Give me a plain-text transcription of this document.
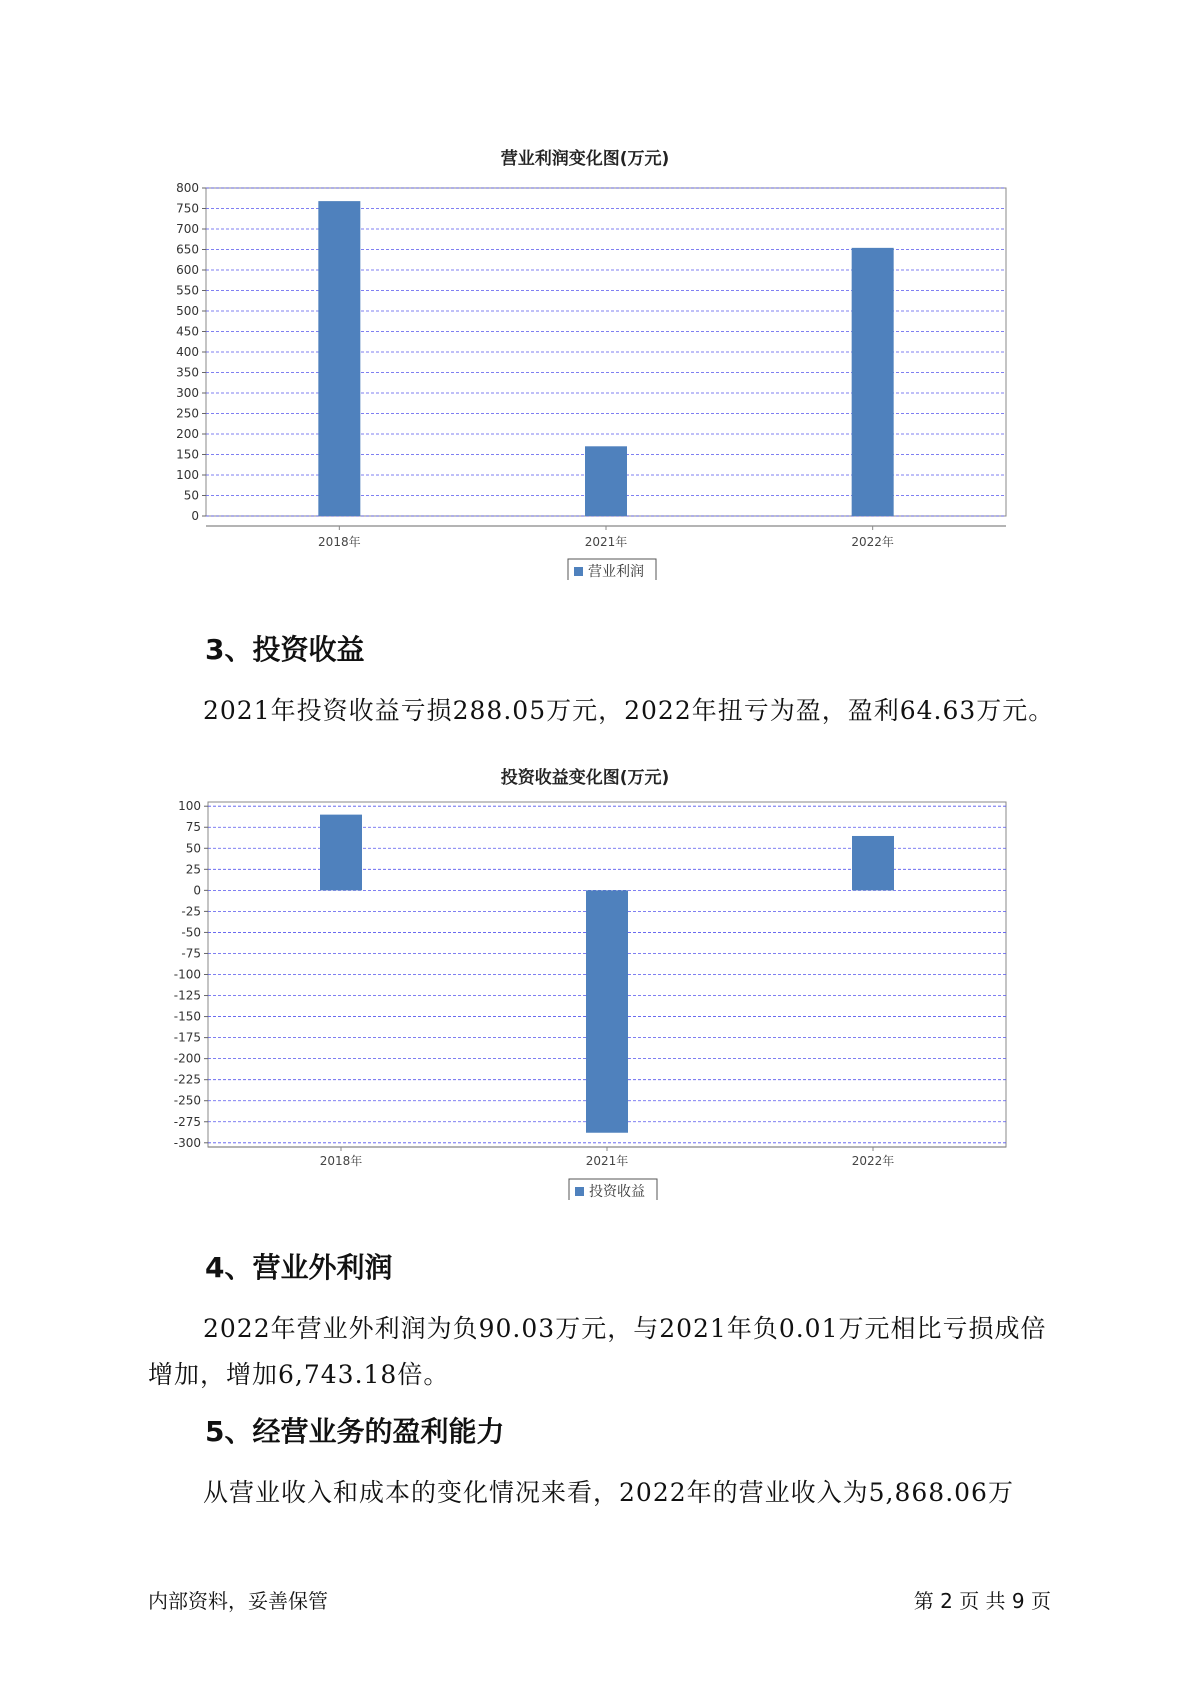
营业利润变化图(万元)
0
50
100
150
200
250
300
350
400
450
500
550
600
650
700
750
800
2018年	2021年	2022年
营业利润
3、投资收益
2021年投资收益亏损288.05万元，2022年扭亏为盈，盈利64.63万元。
投资收益变化图(万元)
100
75
50
25
0
-25
-50
-75
-100
-125
-150
-175
-200
-225
-250
-275
-300
2018年	2021年	2022年
投资收益
4、营业外利润
2022年营业外利润为负90.03万元，与2021年负0.01万元相比亏损成倍
增加，增加6,743.18倍。
5、经营业务的盈利能力
从营业收入和成本的变化情况来看，2022年的营业收入为5,868.06万
内部资料，妥善保管	第 2 页 共 9 页
